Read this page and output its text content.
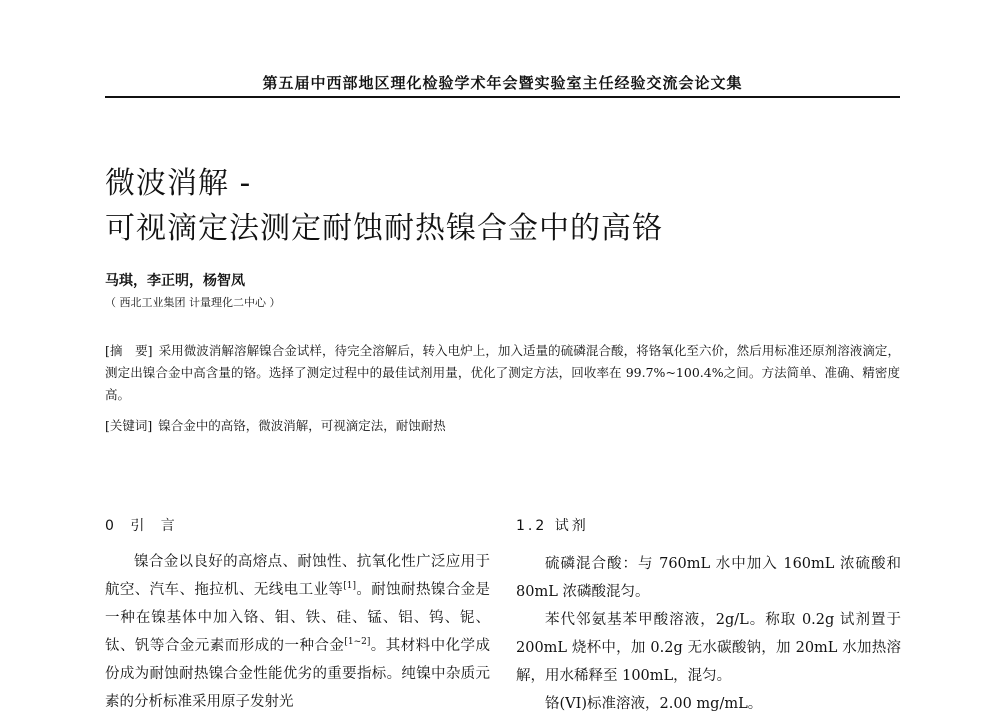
第五届中西部地区理化检验学术年会暨实验室主任经验交流会论文集
微波消解 -
可视滴定法测定耐蚀耐热镍合金中的高铬
马琪，李正明，杨智凤
（ 西北工业集团 计量理化二中心 ）
[摘　要] 采用微波消解溶解镍合金试样，待完全溶解后，转入电炉上，加入适量的硫磷混合酸，将铬氧化至六价，然后用标准还原剂溶液滴定，测定出镍合金中高含量的铬。选择了测定过程中的最佳试剂用量，优化了测定方法，回收率在 99.7%~100.4%之间。方法简单、准确、精密度高。
[关键词] 镍合金中的高铬，微波消解，可视滴定法，耐蚀耐热
0 引 言

镍合金以良好的高熔点、耐蚀性、抗氧化性广泛应用于航空、汽车、拖拉机、无线电工业等[1]。耐蚀耐热镍合金是一种在镍基体中加入铬、钼、铁、硅、锰、铝、钨、铌、钛、钒等合金元素而形成的一种合金[1~2]。其材料中化学成份成为耐蚀耐热镍合金性能优劣的重要指标。纯镍中杂质元素的分析标准采用原子发射光

1.2 试剂

硫磷混合酸：与 760mL 水中加入 160mL 浓硫酸和 80mL 浓磷酸混匀。

苯代邻氨基苯甲酸溶液，2g/L。称取 0.2g 试剂置于 200mL 烧杯中，加 0.2g 无水碳酸钠，加 20mL 水加热溶解，用水稀释至 100mL，混匀。

铬(VI)标准溶液，2.00 mg/mL。
